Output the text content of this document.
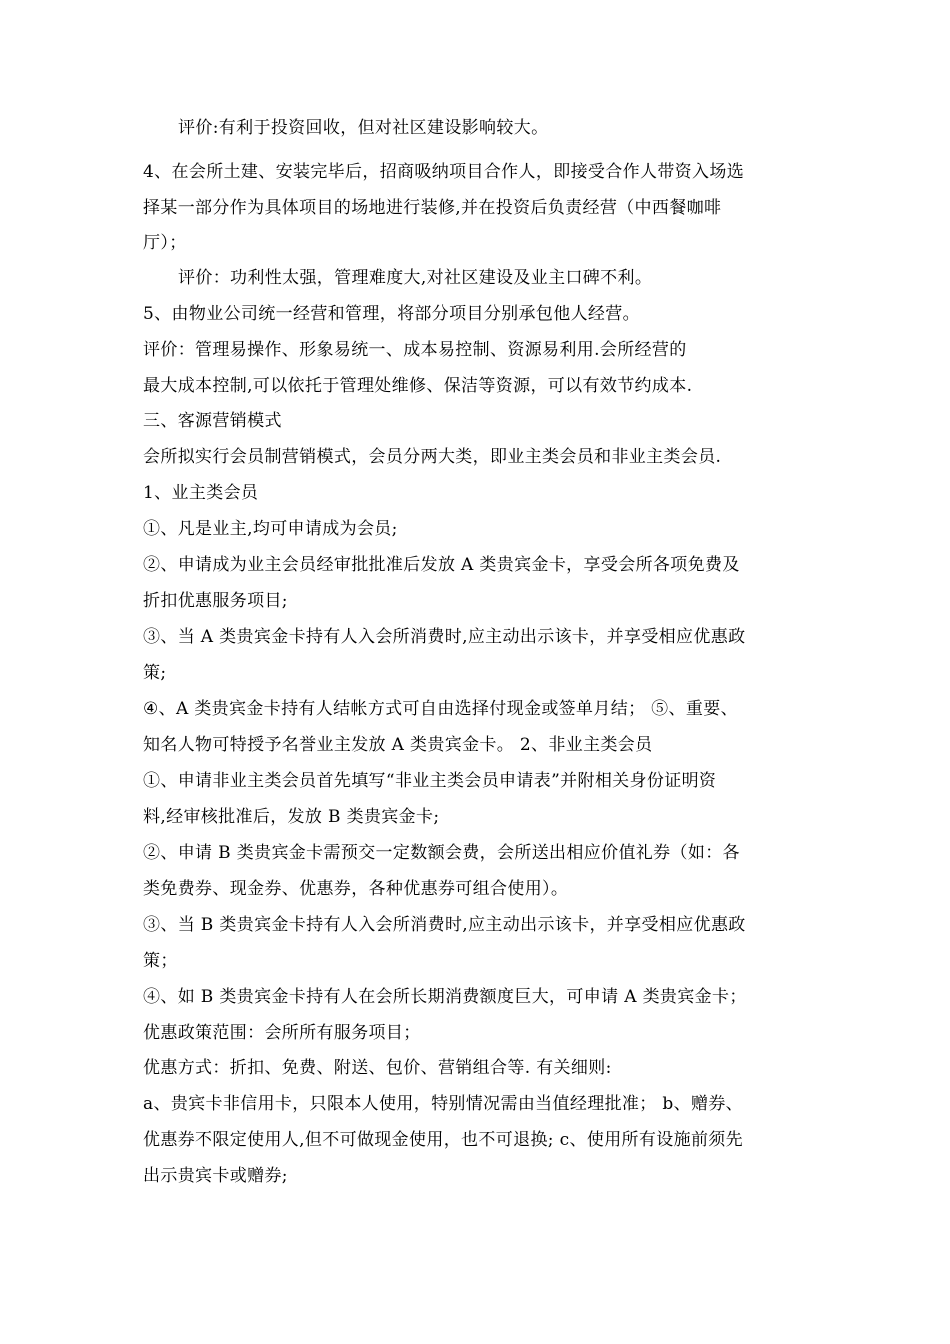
评价:有利于投资回收，但对社区建设影响较大。
4、在会所土建、安装完毕后，招商吸纳项目合作人，即接受合作人带资入场选
择某一部分作为具体项目的场地进行装修,并在投资后负责经营（中西餐咖啡
厅）；
评价：功利性太强，管理难度大,对社区建设及业主口碑不利。
5、由物业公司统一经营和管理，将部分项目分别承包他人经营。
评价：管理易操作、形象易统一、成本易控制、资源易利用.会所经营的
最大成本控制,可以依托于管理处维修、保洁等资源，可以有效节约成本.
三、客源营销模式
会所拟实行会员制营销模式，会员分两大类，即业主类会员和非业主类会员.
1、业主类会员
①、凡是业主,均可申请成为会员;
②、申请成为业主会员经审批批准后发放 A 类贵宾金卡，享受会所各项免费及
折扣优惠服务项目;
③、当 A 类贵宾金卡持有人入会所消费时,应主动出示该卡，并享受相应优惠政
策;
④、A 类贵宾金卡持有人结帐方式可自由选择付现金或签单月结； ⑤、重要、
知名人物可特授予名誉业主发放 A 类贵宾金卡。 2、非业主类会员
①、申请非业主类会员首先填写“非业主类会员申请表”并附相关身份证明资
料,经审核批准后，发放 B 类贵宾金卡;
②、申请 B 类贵宾金卡需预交一定数额会费，会所送出相应价值礼券（如：各
类免费券、现金券、优惠券，各种优惠券可组合使用）。
③、当 B 类贵宾金卡持有人入会所消费时,应主动出示该卡，并享受相应优惠政
策；
④、如 B 类贵宾金卡持有人在会所长期消费额度巨大，可申请 A 类贵宾金卡；
优惠政策范围：会所所有服务项目；
优惠方式：折扣、免费、附送、包价、营销组合等. 有关细则:
a、贵宾卡非信用卡，只限本人使用，特别情况需由当值经理批准； b、赠券、
优惠券不限定使用人,但不可做现金使用，也不可退换; c、使用所有设施前须先
出示贵宾卡或赠券;
